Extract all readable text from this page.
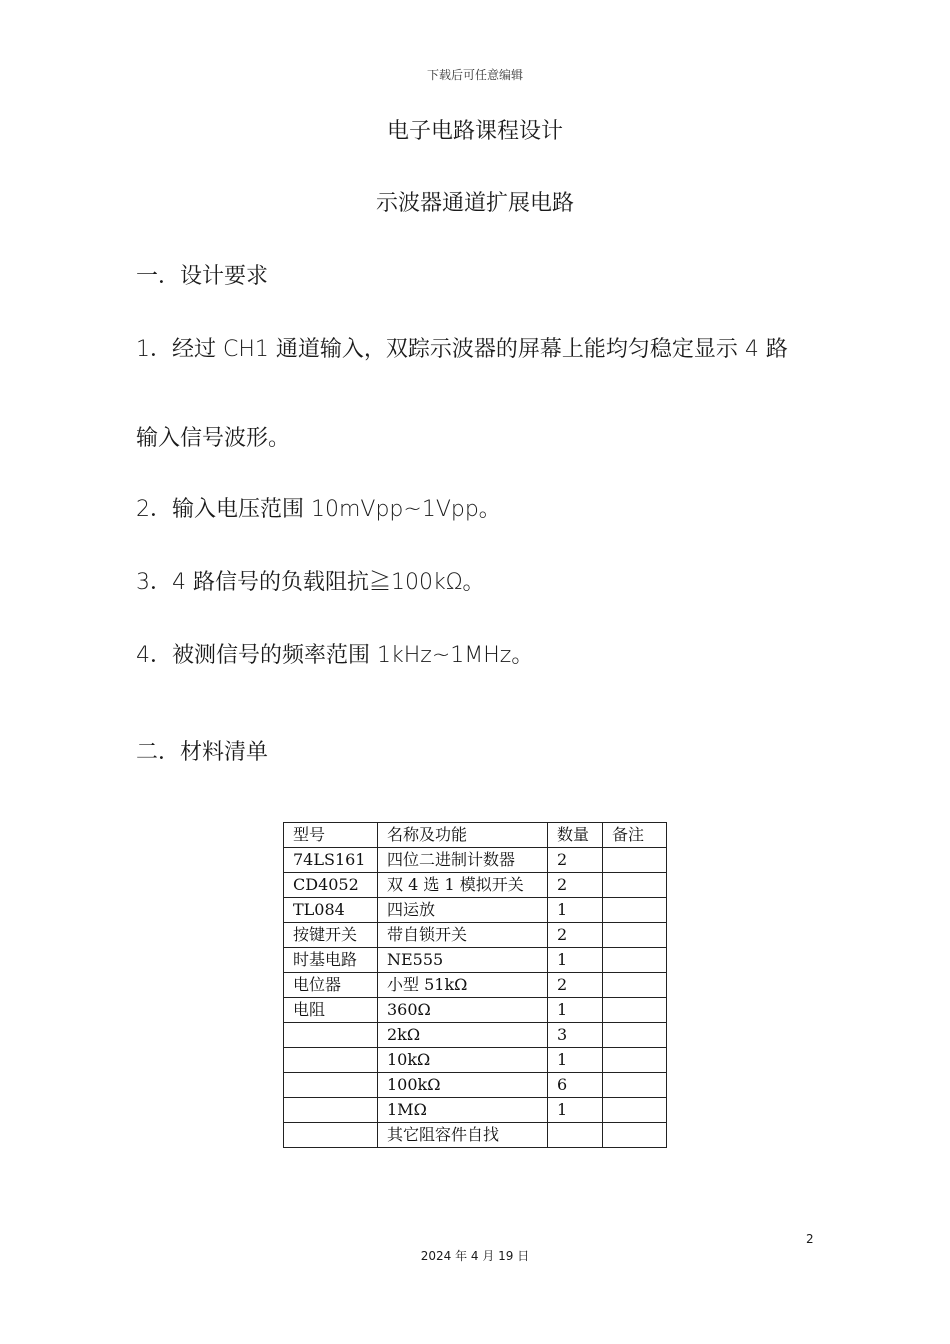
下载后可任意编辑
电子电路课程设计
示波器通道扩展电路
一．设计要求
1．经过 CH1 通道输入，双踪示波器的屏幕上能均匀稳定显示 4 路
输入信号波形。
2．输入电压范围 10mVpp~1Vpp。
3．4 路信号的负载阻抗≧100kΩ。
4．被测信号的频率范围 1kHz~1MHz。
二．材料清单
型号	名称及功能	数量	备注
74LS161	四位二进制计数器	2	
CD4052	双 4 选 1 模拟开关	2	
TL084	四运放	1	
按键开关	带自锁开关	2	
时基电路	NE555	1	
电位器	小型 51kΩ	2	
电阻	360Ω	1	
	2kΩ	3	
	10kΩ	1	
	100kΩ	6	
	1MΩ	1	
	其它阻容件自找		
2
2024 年 4 月 19 日
